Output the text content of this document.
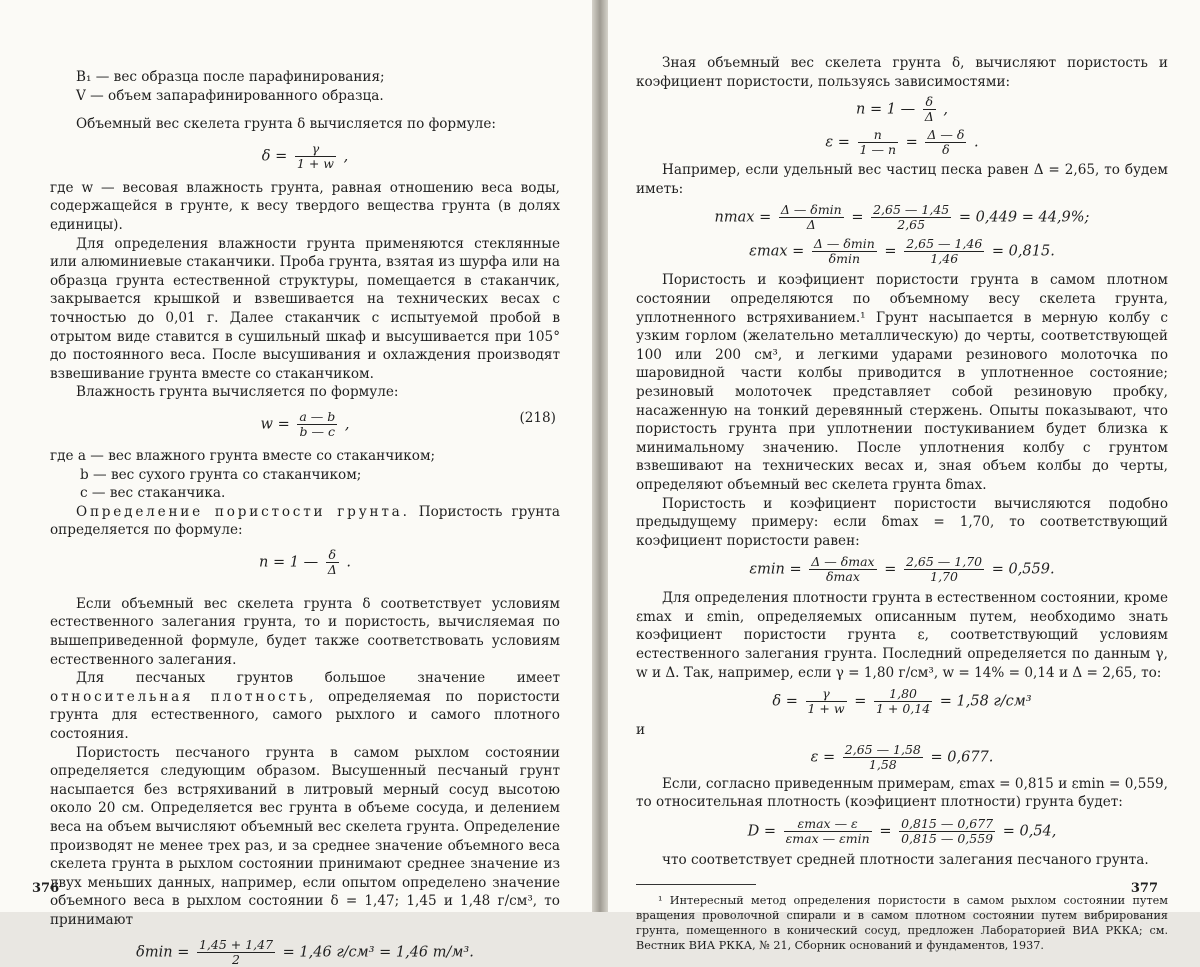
B₁ — вес образца после парафинирования;
V — объем запарафинированного образца.

Объемный вес скелета грунта δ вычисляется по формуле:

$\delta = \frac{\gamma}{1 + w}$ ,

где w — весовая влажность грунта, равная отношению веса воды, содержащейся в грунте, к весу твердого вещества грунта (в долях единицы).

Для определения влажности грунта применяются стеклянные или алюминиевые стаканчики. Проба грунта, взятая из шурфа или на образца грунта естественной структуры, помещается в стаканчик, закрывается крышкой и взвешивается на технических весах с точностью до 0,01 г. Далее стаканчик с испытуемой пробой в отрытом виде ставится в сушильный шкаф и высушивается при 105° до постоянного веса. После высушивания и охлаждения производят взвешивание грунта вместе со стаканчиком.

Влажность грунта вычисляется по формуле:

$w = \frac{a — b}{b — c}$ ,	(218)
где a — вес влажного грунта вместе со стаканчиком;
b — вес сухого грунта со стаканчиком;
c — вес стаканчика.

Определение пористости грунта. Пористость грунта определяется по формуле:

n = 1 — $\frac{\delta}{\Delta}$ .

Если объемный вес скелета грунта δ соответствует условиям естественного залегания грунта, то и пористость, вычисляемая по вышеприведенной формуле, будет также соответствовать условиям естественного залегания.

Для песчаных грунтов большое значение имеет относительная плотность, определяемая по пористости грунта для естественного, самого рыхлого и самого плотного состояния.

Пористость песчаного грунта в самом рыхлом состоянии определяется следующим образом. Высушенный песчаный грунт насыпается без встряхиваний в литровый мерный сосуд высотою около 20 см. Определяется вес грунта в объеме сосуда, и делением веса на объем вычисляют объемный вес скелета грунта. Определение производят не менее трех раз, и за среднее значение объемного веса скелета грунта в рыхлом состоянии принимают среднее значение из двух меньших данных, например, если опытом определено значение объемного веса в рыхлом состоянии δ = 1,47; 1,45 и 1,48 г/см³, то принимают

$\delta\min = \frac{1,45 + 1,47}{2} = 1,46$ г/см³ = 1,46 т/м³.
376

Зная объемный вес скелета грунта δ, вычисляют пористость и коэфициент пористости, пользуясь зависимостями:

n = 1 — $\frac{\delta}{\Delta}$ ,
$\varepsilon = \frac{n}{1 — n} = \frac{\Delta — \delta}{\delta}$ .

Например, если удельный вес частиц песка равен Δ = 2,65, то будем иметь:

$nmax = \frac{\Delta — \delta\min}{\Delta} = \frac{2,65 — 1,45}{2,65} = 0,449 = 44,9\%$;
$\varepsilon\max = \frac{\Delta — \delta\min}{\delta\min} = \frac{2,65 — 1,46}{1,46} = 0,815$.

Пористость и коэфициент пористости грунта в самом плотном состоянии определяются по объемному весу скелета грунта, уплотненного встряхиванием.¹ Грунт насыпается в мерную колбу с узким горлом (желательно металлическую) до черты, соответствующей 100 или 200 см³, и легкими ударами резинового молоточка по шаровидной части колбы приводится в уплотненное состояние; резиновый молоточек представляет собой резиновую пробку, насаженную на тонкий деревянный стержень. Опыты показывают, что пористость грунта при уплотнении постукиванием будет близка к минимальному значению. После уплотнения колбу с грунтом взвешивают на технических весах и, зная объем колбы до черты, определяют объемный вес скелета грунта δmax.

Пористость и коэфициент пористости вычисляются подобно предыдущему примеру: если δmax = 1,70, то соответствующий коэфициент пористости равен:

$\varepsilon\min = \frac{\Delta — \delta\max}{\delta\max} = \frac{2,65 — 1,70}{1,70} = 0,559$.

Для определения плотности грунта в естественном состоянии, кроме εmax и εmin, определяемых описанным путем, необходимо знать коэфициент пористости грунта ε, соответствующий условиям естественного залегания грунта. Последний определяется по данным γ, w и Δ. Так, например, если γ = 1,80 г/см³, w = 14% = 0,14 и Δ = 2,65, то:

$\delta = \frac{\gamma}{1 + w} = \frac{1,80}{1 + 0,14} = 1,58$ г/см³

и

$\varepsilon = \frac{2,65 — 1,58}{1,58} = 0,677$.

Если, согласно приведенным примерам, εmax = 0,815 и εmin = 0,559, то относительная плотность (коэфициент плотности) грунта будет:

$D = \frac{\varepsilon\max — \varepsilon}{\varepsilon\max — \varepsilon\min} = \frac{0,815 — 0,677}{0,815 — 0,559} = 0,54$,

что соответствует средней плотности залегания песчаного грунта.

¹ Интересный метод определения пористости в самом рыхлом состоянии путем вращения проволочной спирали и в самом плотном состоянии путем вибрирования грунта, помещенного в конический сосуд, предложен Лабораторией ВИА РККА; см. Вестник ВИА РККА, № 21, Сборник оснований и фундаментов, 1937.
377
